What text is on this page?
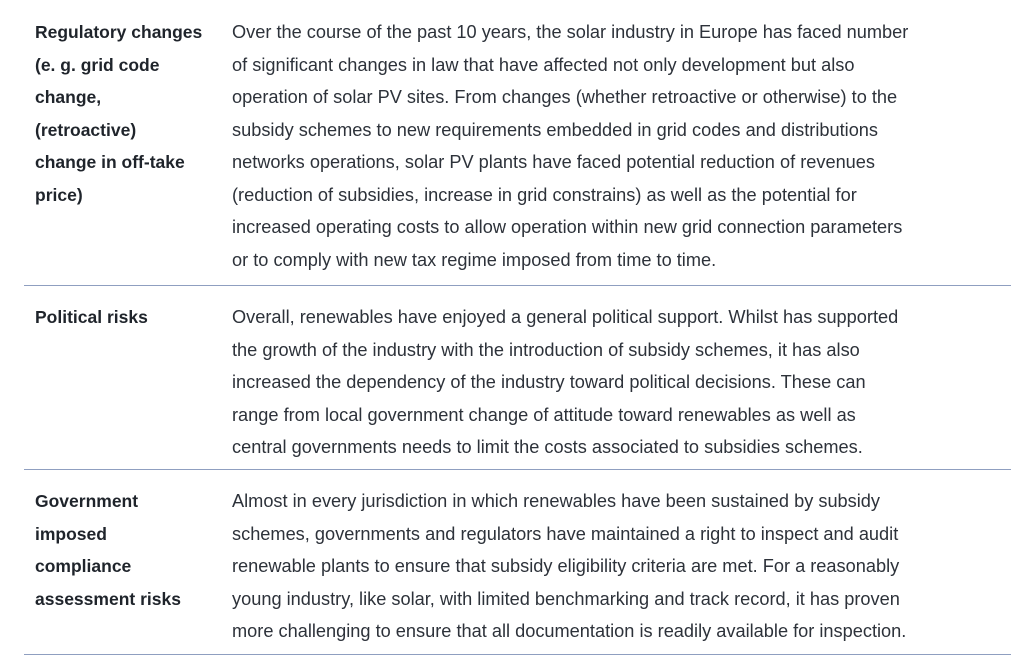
Regulatory changes
(e. g. grid code
change,
(retroactive)
change in off-take
price)
Over the course of the past 10 years, the solar industry in Europe has faced number
of significant changes in law that have affected not only development but also
operation of solar PV sites. From changes (whether retroactive or otherwise) to the
subsidy schemes to new requirements embedded in grid codes and distributions
networks operations, solar PV plants have faced potential reduction of revenues
(reduction of subsidies, increase in grid constrains) as well as the potential for
increased operating costs to allow operation within new grid connection parameters
or to comply with new tax regime imposed from time to time.
Political risks	Overall, renewables have enjoyed a general political support. Whilst has supported
the growth of the industry with the introduction of subsidy schemes, it has also
increased the dependency of the industry toward political decisions. These can
range from local government change of attitude toward renewables as well as
central governments needs to limit the costs associated to subsidies schemes.
Government
imposed
compliance
assessment risks
Almost in every jurisdiction in which renewables have been sustained by subsidy
schemes, governments and regulators have maintained a right to inspect and audit
renewable plants to ensure that subsidy eligibility criteria are met. For a reasonably
young industry, like solar, with limited benchmarking and track record, it has proven
more challenging to ensure that all documentation is readily available for inspection.
